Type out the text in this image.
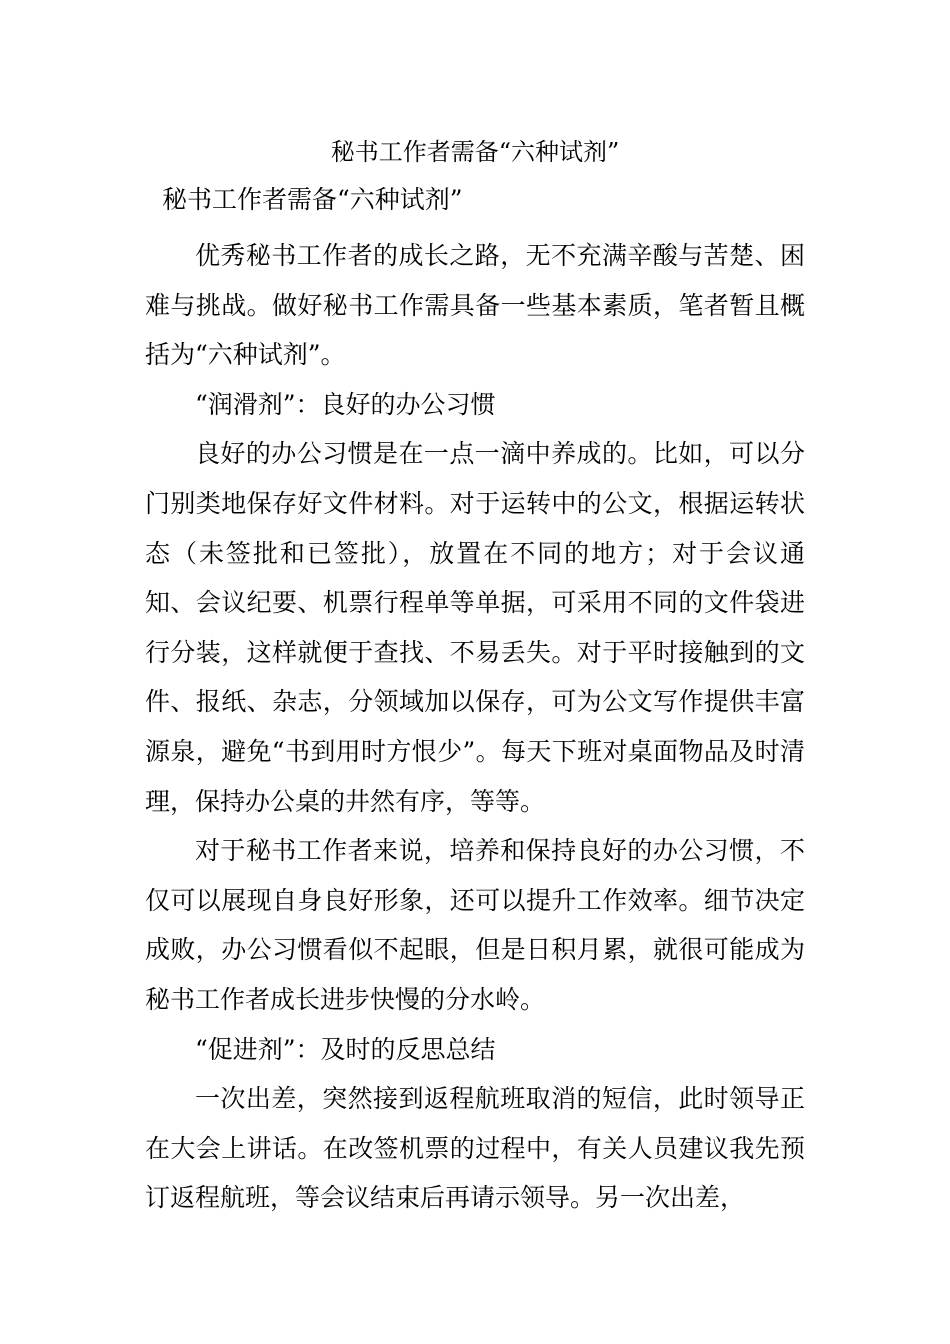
秘书工作者需备“六种试剂”
秘书工作者需备“六种试剂”

优秀秘书工作者的成长之路，无不充满辛酸与苦楚、困难与挑战。做好秘书工作需具备一些基本素质，笔者暂且概括为“六种试剂”。

“润滑剂”：良好的办公习惯

良好的办公习惯是在一点一滴中养成的。比如，可以分门别类地保存好文件材料。对于运转中的公文，根据运转状态（未签批和已签批），放置在不同的地方；对于会议通知、会议纪要、机票行程单等单据，可采用不同的文件袋进行分装，这样就便于查找、不易丢失。对于平时接触到的文件、报纸、杂志，分领域加以保存，可为公文写作提供丰富源泉，避免“书到用时方恨少”。每天下班对桌面物品及时清理，保持办公桌的井然有序，等等。

对于秘书工作者来说，培养和保持良好的办公习惯，不仅可以展现自身良好形象，还可以提升工作效率。细节决定成败，办公习惯看似不起眼，但是日积月累，就很可能成为秘书工作者成长进步快慢的分水岭。

“促进剂”：及时的反思总结

一次出差，突然接到返程航班取消的短信，此时领导正在大会上讲话。在改签机票的过程中，有关人员建议我先预订返程航班，等会议结束后再请示领导。另一次出差，
